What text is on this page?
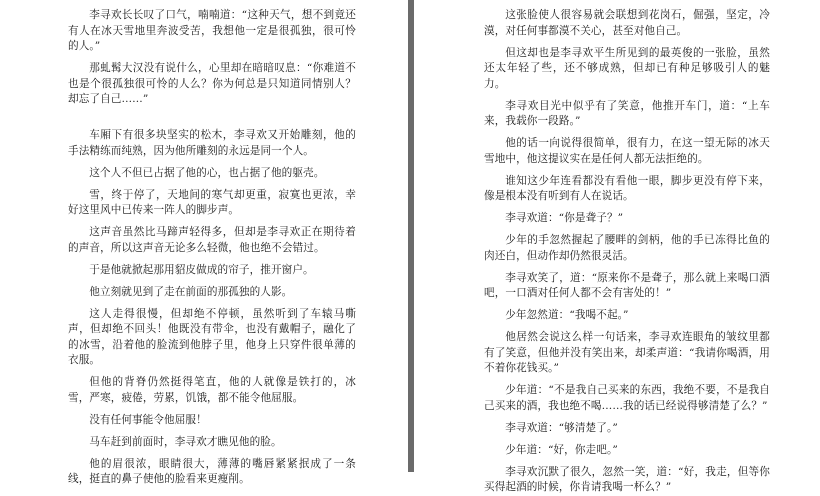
李寻欢长长叹了口气，喃喃道：“这种天气，想不到竟还有人在冰天雪地里奔波受苦，我想他一定是很孤独，很可怜的人。”

那虬髯大汉没有说什么，心里却在暗暗叹息：“你难道不也是个很孤独很可怜的人么？你为何总是只知道同情别人？却忘了自己……”

车厢下有很多块坚实的松木，李寻欢又开始雕刻，他的手法精练而纯熟，因为他所雕刻的永远是同一个人。

这个人不但已占据了他的心，也占据了他的躯壳。

雪，终于停了，天地间的寒气却更重，寂寞也更浓，幸好这里风中已传来一阵人的脚步声。

这声音虽然比马蹄声轻得多，但却是李寻欢正在期待着的声音，所以这声音无论多么轻微，他也绝不会错过。

于是他就掀起那用貂皮做成的帘子，推开窗户。

他立刻就见到了走在前面的那孤独的人影。

这人走得很慢，但却绝不停顿，虽然听到了车辕马嘶声，但却绝不回头！他既没有带伞，也没有戴帽子，融化了的冰雪，沿着他的脸流到他脖子里，他身上只穿件很单薄的衣服。

但他的背脊仍然挺得笔直，他的人就像是铁打的，冰雪，严寒，疲倦，劳累，饥饿，都不能令他屈服。

没有任何事能令他屈服！

马车赶到前面时，李寻欢才瞧见他的脸。

他的眉很浓，眼睛很大，薄薄的嘴唇紧紧抿成了一条线，挺直的鼻子使他的脸看来更瘦削。

这张脸使人很容易就会联想到花岗石，倔强，坚定，冷漠，对任何事都漠不关心，甚至对他自己。

但这却也是李寻欢平生所见到的最英俊的一张脸，虽然还太年轻了些，还不够成熟，但却已有种足够吸引人的魅力。

李寻欢目光中似乎有了笑意，他推开车门，道：“上车来，我载你一段路。”

他的话一向说得很简单，很有力，在这一望无际的冰天雪地中，他这提议实在是任何人都无法拒绝的。

谁知这少年连看都没有看他一眼，脚步更没有停下来，像是根本没有听到有人在说话。

李寻欢道：“你是聋子？”

少年的手忽然握起了腰畔的剑柄，他的手已冻得比鱼的肉还白，但动作却仍然很灵活。

李寻欢笑了，道：“原来你不是聋子，那么就上来喝口酒吧，一口酒对任何人都不会有害处的！”

少年忽然道：“我喝不起。”

他居然会说这么样一句话来，李寻欢连眼角的皱纹里都有了笑意，但他并没有笑出来，却柔声道：“我请你喝酒，用不着你花钱买。”

少年道：“不是我自己买来的东西，我绝不要，不是我自己买来的酒，我也绝不喝……我的话已经说得够清楚了么？”

李寻欢道：“够清楚了。”

少年道：“好，你走吧。”

李寻欢沉默了很久，忽然一笑，道：“好，我走，但等你买得起酒的时候，你肯请我喝一杯么？”
